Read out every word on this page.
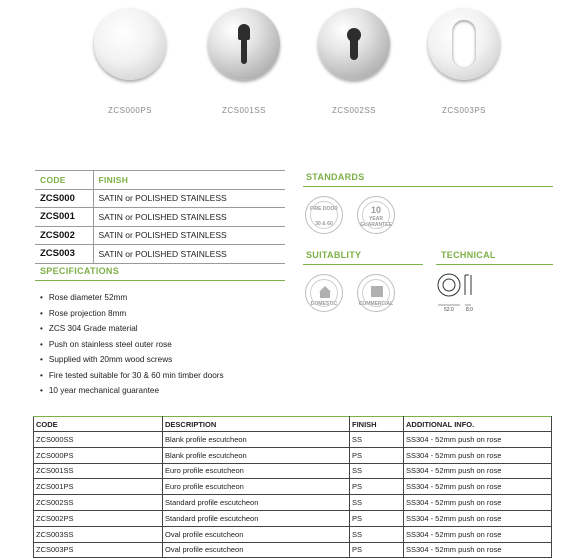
ZCS000PS	ZCS001SS	ZCS002SS	ZCS003PS
CODE	FINISH
ZCS000	SATIN or POLISHED STAINLESS
ZCS001	SATIN or POLISHED STAINLESS
ZCS002	SATIN or POLISHED STAINLESS
ZCS003	SATIN or POLISHED STAINLESS
SPECIFICATIONS
• Rose diameter 52mm
• Rose projection 8mm
• ZCS 304 Grade material
• Push on stainless steel outer rose
• Supplied with 20mm wood screws
• Fire tested suitable for 30 & 60 min timber doors
• 10 year mechanical guarantee
STANDARDS
FIRE DOOR
30 & 60
10
YEAR
GUARANTEE
SUITABLITY
DOMESTIC	COMMERCIAL
TECHNICAL
52.0 8.0
CODE	DESCRIPTION	FINISH	ADDITIONAL INFO.
ZCS000SS	Blank profile escutcheon	SS	SS304 - 52mm push on rose
ZCS000PS	Blank profile escutcheon	PS	SS304 - 52mm push on rose
ZCS001SS	Euro profile escutcheon	SS	SS304 - 52mm push on rose
ZCS001PS	Euro profile escutcheon	PS	SS304 - 52mm push on rose
ZCS002SS	Standard profile escutcheon	SS	SS304 - 52mm push on rose
ZCS002PS	Standard profile escutcheon	PS	SS304 - 52mm push on rose
ZCS003SS	Oval profile escutcheon	SS	SS304 - 52mm push on rose
ZCS003PS	Oval profile escutcheon	PS	SS304 - 52mm push on rose
